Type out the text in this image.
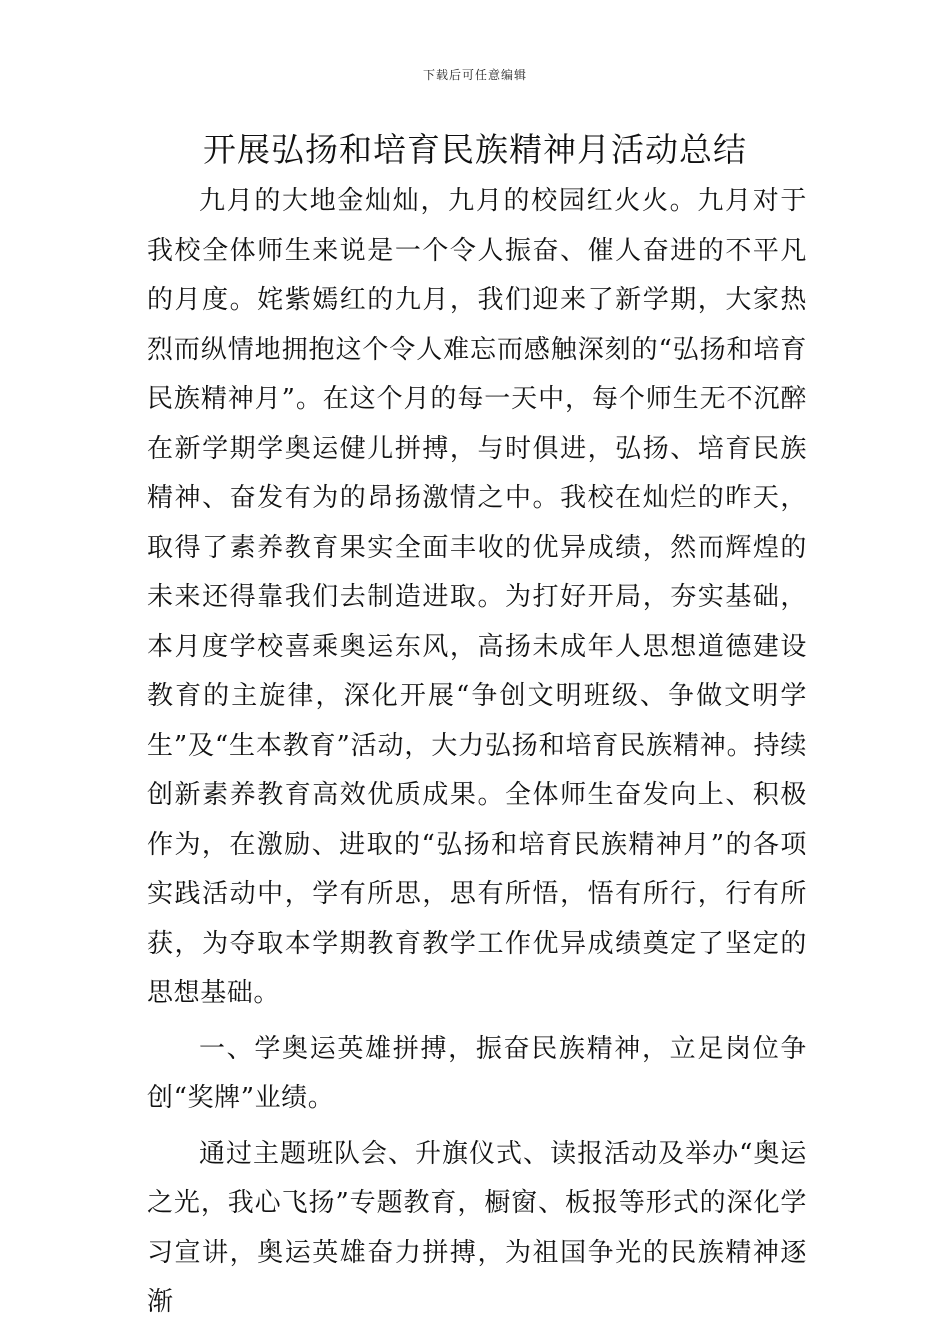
下载后可任意编辑
开展弘扬和培育民族精神月活动总结

九月的大地金灿灿，九月的校园红火火。九月对于我校全体师生来说是一个令人振奋、催人奋进的不平凡的月度。姹紫嫣红的九月，我们迎来了新学期，大家热烈而纵情地拥抱这个令人难忘而感触深刻的“弘扬和培育民族精神月”。在这个月的每一天中，每个师生无不沉醉在新学期学奥运健儿拼搏，与时俱进，弘扬、培育民族精神、奋发有为的昂扬激情之中。我校在灿烂的昨天，取得了素养教育果实全面丰收的优异成绩，然而辉煌的未来还得靠我们去制造进取。为打好开局，夯实基础，本月度学校喜乘奥运东风，高扬未成年人思想道德建设教育的主旋律，深化开展“争创文明班级、争做文明学生”及“生本教育”活动，大力弘扬和培育民族精神。持续创新素养教育高效优质成果。全体师生奋发向上、积极作为，在激励、进取的“弘扬和培育民族精神月”的各项实践活动中，学有所思，思有所悟，悟有所行，行有所获，为夺取本学期教育教学工作优异成绩奠定了坚定的思想基础。

一、学奥运英雄拼搏，振奋民族精神，立足岗位争创“奖牌”业绩。

通过主题班队会、升旗仪式、读报活动及举办“奥运之光，我心飞扬”专题教育，橱窗、板报等形式的深化学习宣讲，奥运英雄奋力拼搏，为祖国争光的民族精神逐渐
